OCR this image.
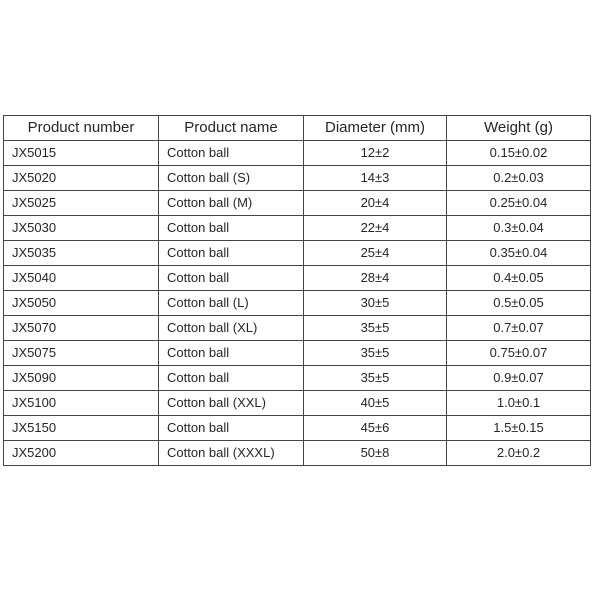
Product number	Product name	Diameter (mm)	Weight (g)
JX5015	Cotton ball	12±2	0.15±0.02
JX5020	Cotton ball (S)	14±3	0.2±0.03
JX5025	Cotton ball (M)	20±4	0.25±0.04
JX5030	Cotton ball	22±4	0.3±0.04
JX5035	Cotton ball	25±4	0.35±0.04
JX5040	Cotton ball	28±4	0.4±0.05
JX5050	Cotton ball (L)	30±5	0.5±0.05
JX5070	Cotton ball (XL)	35±5	0.7±0.07
JX5075	Cotton ball	35±5	0.75±0.07
JX5090	Cotton ball	35±5	0.9±0.07
JX5100	Cotton ball (XXL)	40±5	1.0±0.1
JX5150	Cotton ball	45±6	1.5±0.15
JX5200	Cotton ball (XXXL)	50±8	2.0±0.2
